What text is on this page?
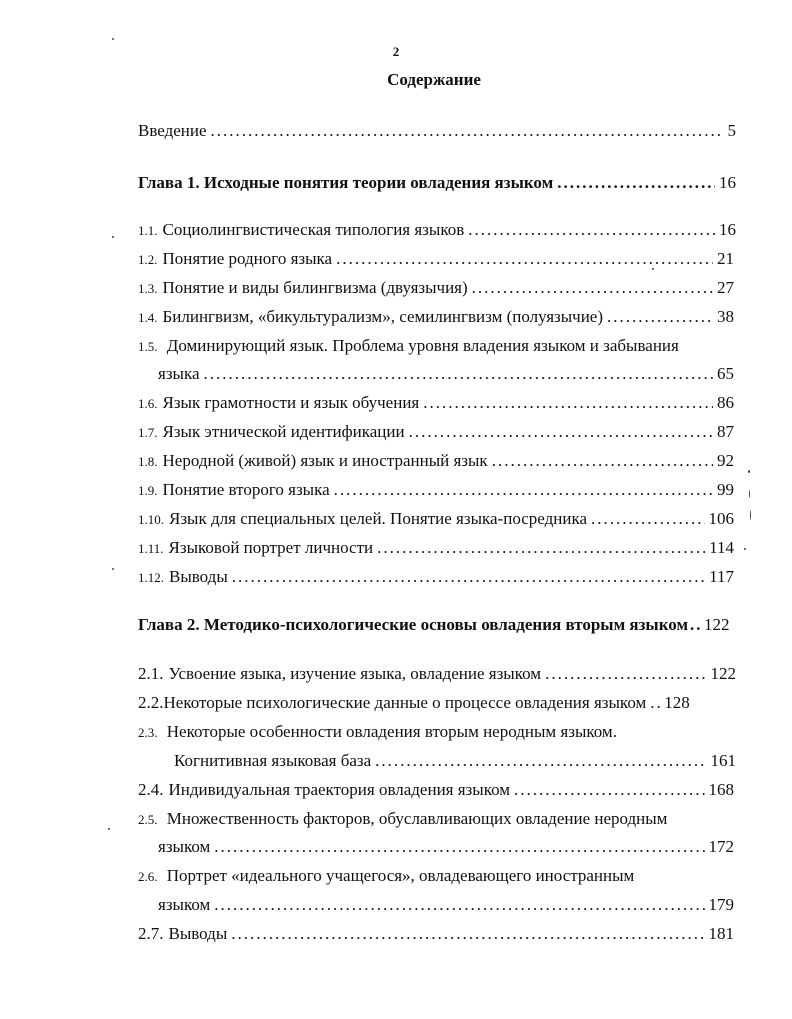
2
Содержание
Введение .....	5
Глава 1. Исходные понятия теории овладения языком .....	16
1.1. Социолингвистическая типология языков .....	16
1.2. Понятие родного языка .....	21
1.3. Понятие и виды билингвизма (двуязычия) .....	27
1.4. Билингвизм, «бикультурализм», семилингвизм (полуязычие) .....	38
1.5. Доминирующий язык. Проблема уровня владения языком и забывания
языка .....	65
1.6. Язык грамотности и язык обучения .....	86
1.7. Язык этнической идентификации .....	87
1.8. Неродной (живой) язык и иностранный язык .....	92
1.9. Понятие второго языка .....	99
1.10. Язык для специальных целей. Понятие языка-посредника .....	106
1.11. Языковой портрет личности .....	114
1.12. Выводы .....	117
Глава 2. Методико-психологические основы овладения вторым языком ..... 122
2.1. Усвоение языка, изучение языка, овладение языком .....	122
2.2. Некоторые психологические данные о процессе овладения языком ..... 128
2.3. Некоторые особенности овладения вторым неродным языком.
Когнитивная языковая база .....	161
2.4. Индивидуальная траектория овладения языком .....	168
2.5. Множественность факторов, обуславливающих овладение неродным
языком .....	172
2.6. Портрет «идеального учащегося», овладевающего иностранным
языком .....	179
2.7. Выводы .....	181
